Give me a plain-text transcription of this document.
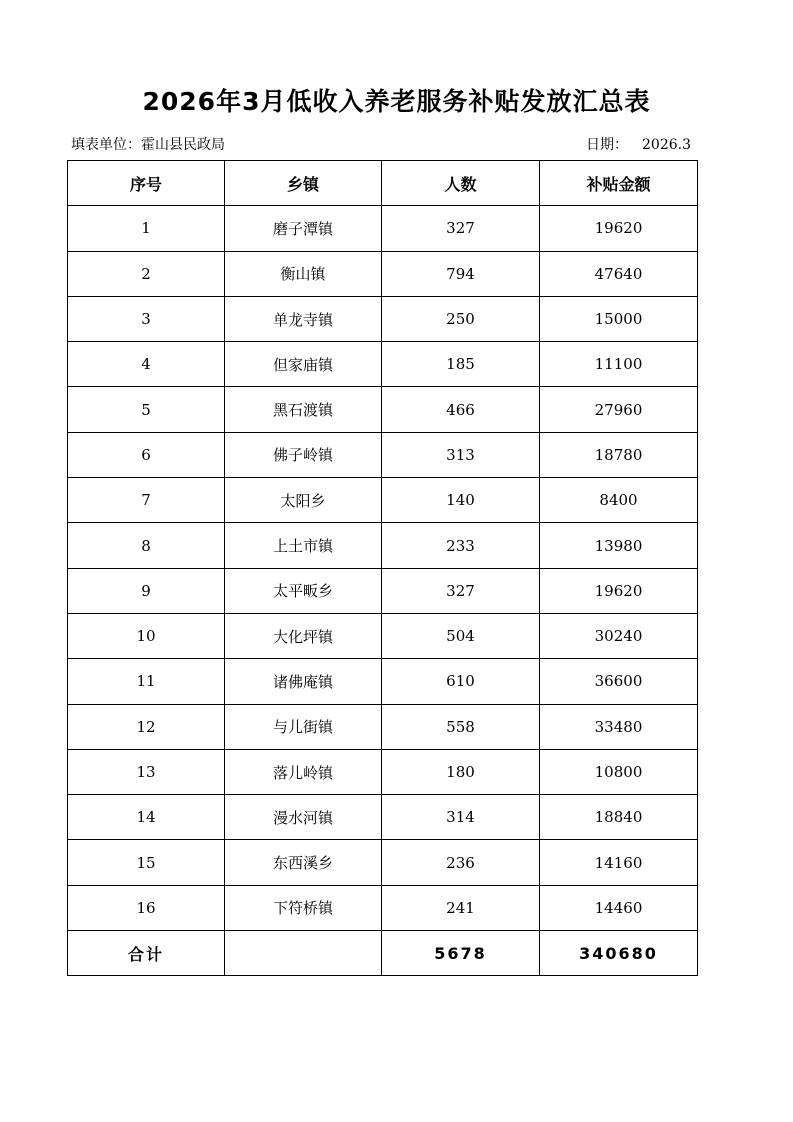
2026年3月低收入养老服务补贴发放汇总表
填表单位：霍山县民政局	日期： 2026.3
序号	乡镇	人数	补贴金额
1	磨子潭镇	327	19620
2	衡山镇	794	47640
3	单龙寺镇	250	15000
4	但家庙镇	185	11100
5	黑石渡镇	466	27960
6	佛子岭镇	313	18780
7	太阳乡	140	8400
8	上土市镇	233	13980
9	太平畈乡	327	19620
10	大化坪镇	504	30240
11	诸佛庵镇	610	36600
12	与儿街镇	558	33480
13	落儿岭镇	180	10800
14	漫水河镇	314	18840
15	东西溪乡	236	14160
16	下符桥镇	241	14460
合计		5678	340680
